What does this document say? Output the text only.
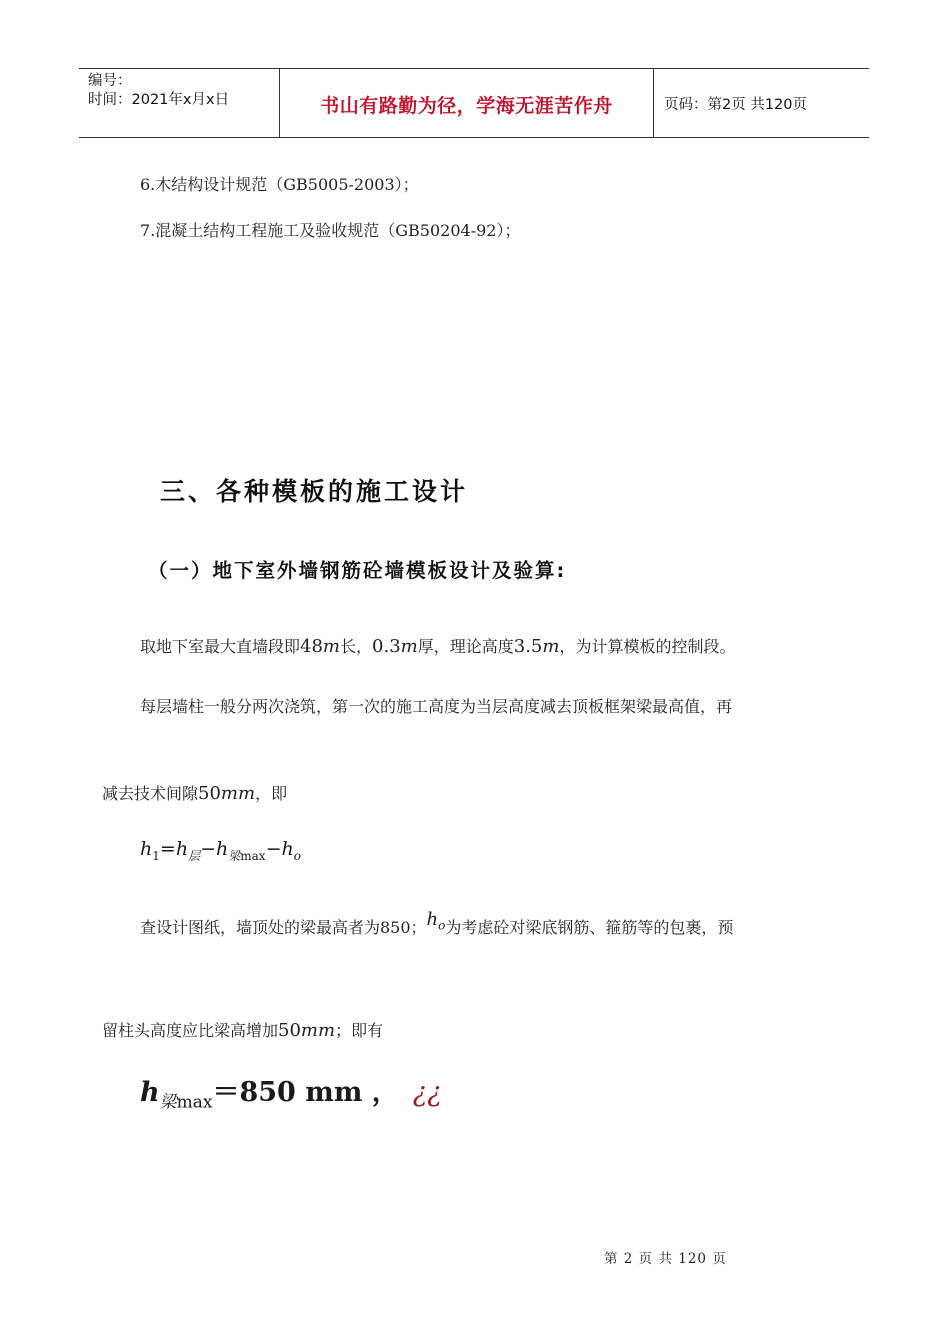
编号：
时间：2021年x月x日	书山有路勤为径，学海无涯苦作舟	页码：第2页 共120页
6.木结构设计规范（GB5005-2003）；
7.混凝土结构工程施工及验收规范（GB50204-92）；
三、各种模板的施工设计
（一）地下室外墙钢筋砼墙模板设计及验算:
取地下室最大直墙段即48m长，0.3m厚，理论高度3.5m，为计算模板的控制段。
每层墙柱一般分两次浇筑，第一次的施工高度为当层高度减去顶板框架梁最高值，再
减去技术间隙50mm，即
$h_1=h_层-h_{梁max}-h_o$
查设计图纸，墙顶处的梁最高者为850；$h_o$为考虑砼对梁底钢筋、箍筋等的包裹，预
留柱头高度应比梁高增加50mm；即有
$h_{梁max}=850$ mm ， ¿¿
第 2 页 共 120 页
